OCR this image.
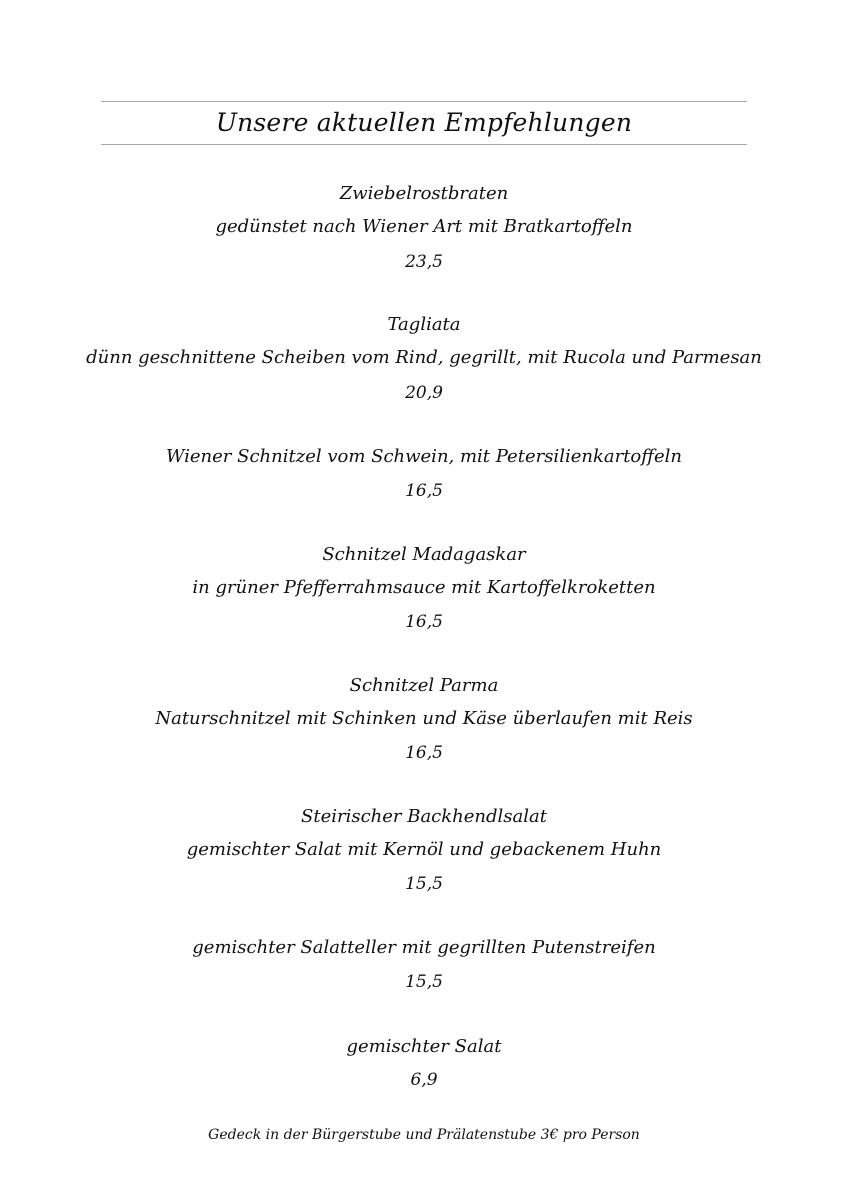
Unsere aktuellen Empfehlungen
Zwiebelrostbraten
gedünstet nach Wiener Art mit Bratkartoffeln
23,5
Tagliata
dünn geschnittene Scheiben vom Rind, gegrillt, mit Rucola und Parmesan
20,9
Wiener Schnitzel vom Schwein, mit Petersilienkartoffeln
16,5
Schnitzel Madagaskar
in grüner Pfefferrahmsauce mit Kartoffelkroketten
16,5
Schnitzel Parma
Naturschnitzel mit Schinken und Käse überlaufen mit Reis
16,5
Steirischer Backhendlsalat
gemischter Salat mit Kernöl und gebackenem Huhn
15,5
gemischter Salatteller mit gegrillten Putenstreifen
15,5
gemischter Salat
6,9
Gedeck in der Bürgerstube und Prälatenstube 3€ pro Person
